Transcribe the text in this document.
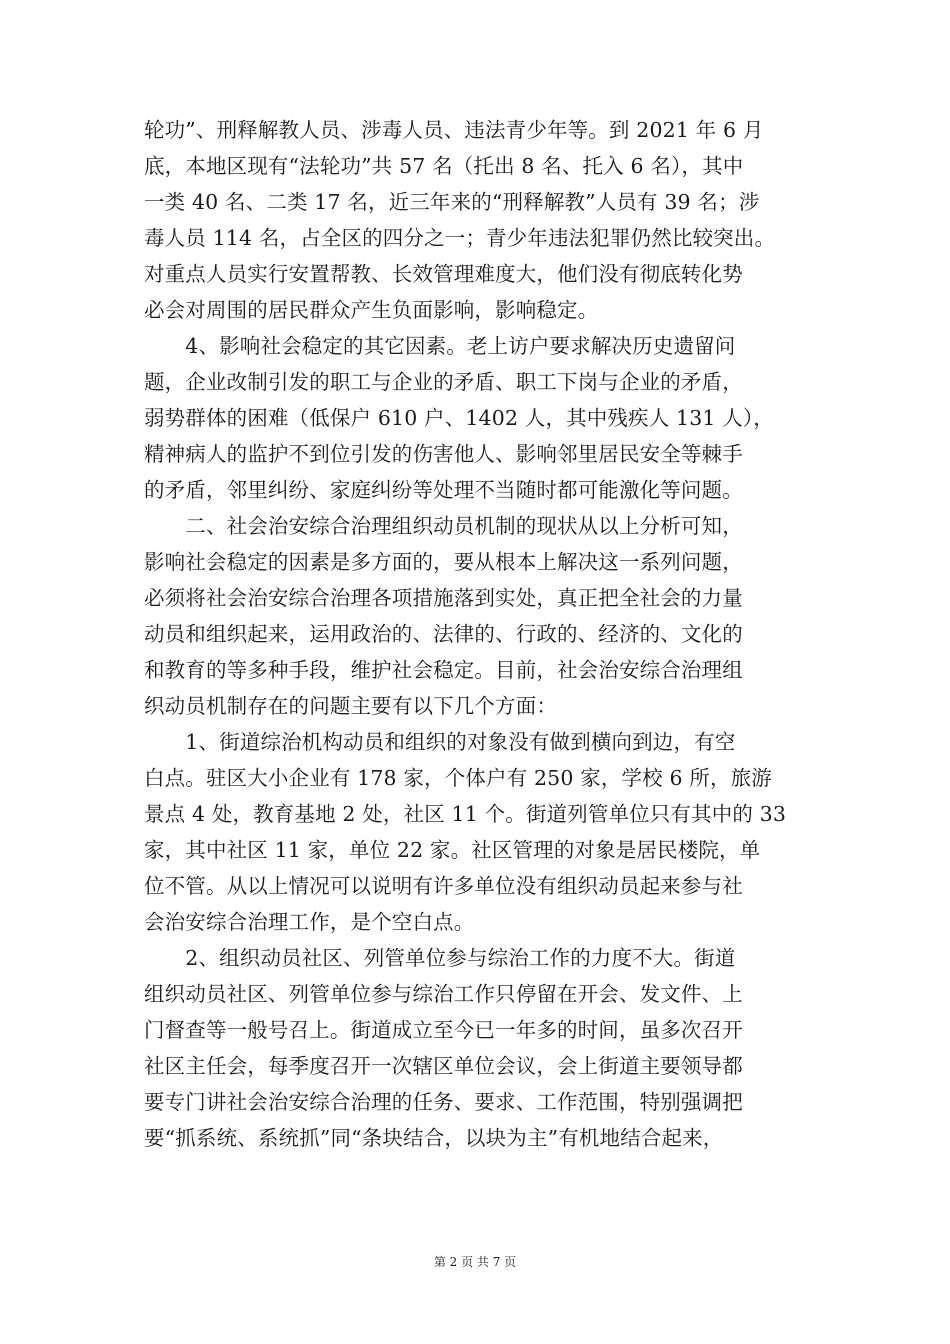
轮功”、刑释解教人员、涉毒人员、违法青少年等。到 2021 年 6 月
底，本地区现有“法轮功”共 57 名（托出 8 名、托入 6 名），其中
一类 40 名、二类 17 名，近三年来的“刑释解教”人员有 39 名；涉
毒人员 114 名，占全区的四分之一；青少年违法犯罪仍然比较突出。
对重点人员实行安置帮教、长效管理难度大，他们没有彻底转化势
必会对周围的居民群众产生负面影响，影响稳定。
　　4、影响社会稳定的其它因素。老上访户要求解决历史遗留问
题，企业改制引发的职工与企业的矛盾、职工下岗与企业的矛盾，
弱势群体的困难（低保户 610 户、1402 人，其中残疾人 131 人），
精神病人的监护不到位引发的伤害他人、影响邻里居民安全等棘手
的矛盾，邻里纠纷、家庭纠纷等处理不当随时都可能激化等问题。
　　二、社会治安综合治理组织动员机制的现状从以上分析可知，
影响社会稳定的因素是多方面的，要从根本上解决这一系列问题，
必须将社会治安综合治理各项措施落到实处，真正把全社会的力量
动员和组织起来，运用政治的、法律的、行政的、经济的、文化的
和教育的等多种手段，维护社会稳定。目前，社会治安综合治理组
织动员机制存在的问题主要有以下几个方面：
　　1、街道综治机构动员和组织的对象没有做到横向到边，有空
白点。驻区大小企业有 178 家，个体户有 250 家，学校 6 所，旅游
景点 4 处，教育基地 2 处，社区 11 个。街道列管单位只有其中的 33
家，其中社区 11 家，单位 22 家。社区管理的对象是居民楼院，单
位不管。从以上情况可以说明有许多单位没有组织动员起来参与社
会治安综合治理工作，是个空白点。
　　2、组织动员社区、列管单位参与综治工作的力度不大。街道
组织动员社区、列管单位参与综治工作只停留在开会、发文件、上
门督查等一般号召上。街道成立至今已一年多的时间，虽多次召开
社区主任会，每季度召开一次辖区单位会议，会上街道主要领导都
要专门讲社会治安综合治理的任务、要求、工作范围，特别强调把
要“抓系统、系统抓”同“条块结合，以块为主”有机地结合起来，
第 2 页 共 7 页
